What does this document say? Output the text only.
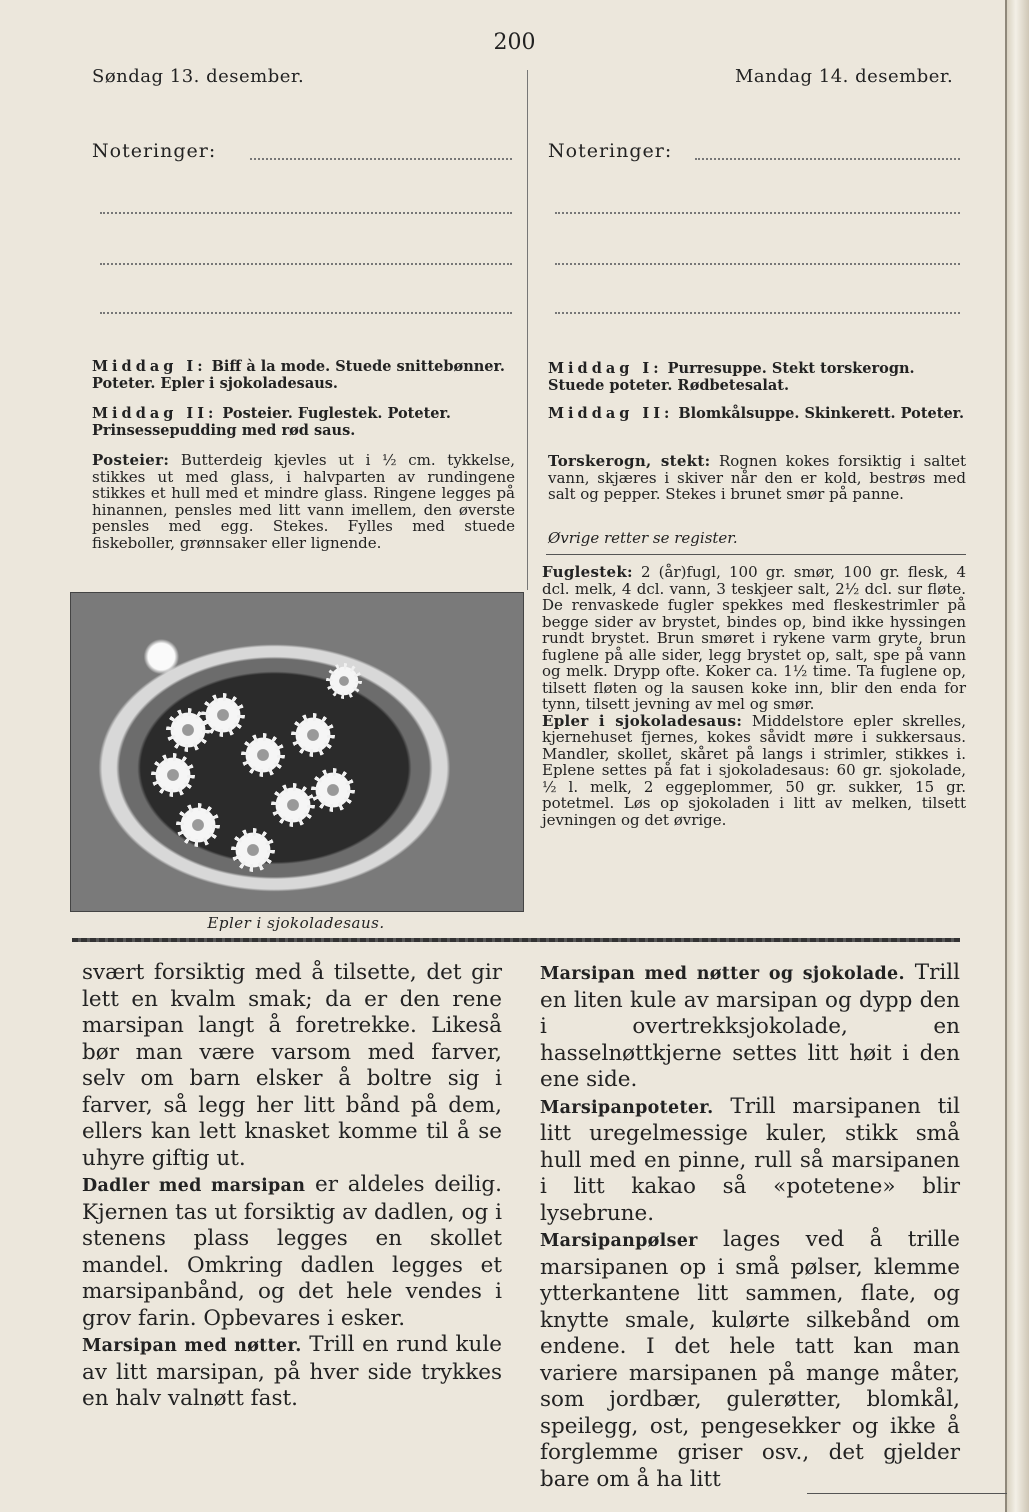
200
Søndag 13. desember.	Mandag 14. desember.
Noteringer:	Noteringer:
Middag I: Biff à la mode. Stuede snittebønner. Poteter. Epler i sjokoladesaus.
Middag II: Posteier. Fuglestek. Poteter. Prinsessepudding med rød saus.
Posteier: Butterdeig kjevles ut i ½ cm. tykkelse, stikkes ut med glass, i halvparten av rundingene stikkes et hull med et mindre glass. Ringene legges på hinannen, pensles med litt vann imellem, den øverste pensles med egg. Stekes. Fylles med stuede fiskeboller, grønnsaker eller lignende.
Epler i sjokoladesaus.
Middag I: Purresuppe. Stekt torskerogn. Stuede poteter. Rødbetesalat.
Middag II: Blomkålsuppe. Skinkerett. Poteter.
Torskerogn, stekt: Rognen kokes forsiktig i saltet vann, skjæres i skiver når den er kold, bestrøs med salt og pepper. Stekes i brunet smør på panne.
Øvrige retter se register.
Fuglestek: 2 (år)fugl, 100 gr. smør, 100 gr. flesk, 4 dcl. melk, 4 dcl. vann, 3 teskjeer salt, 2½ dcl. sur fløte. De renvaskede fugler spekkes med fleskestrimler på begge sider av brystet, bindes op, bind ikke hyssingen rundt brystet. Brun smøret i rykene varm gryte, brun fuglene på alle sider, legg brystet op, salt, spe på vann og melk. Drypp ofte. Koker ca. 1½ time. Ta fuglene op, tilsett fløten og la sausen koke inn, blir den enda for tynn, tilsett jevning av mel og smør.
Epler i sjokoladesaus: Middelstore epler skrelles, kjernehuset fjernes, kokes såvidt møre i sukkersaus. Mandler, skollet, skåret på langs i strimler, stikkes i. Eplene settes på fat i sjokoladesaus: 60 gr. sjokolade, ½ l. melk, 2 eggeplommer, 50 gr. sukker, 15 gr. potetmel. Løs op sjokoladen i litt av melken, tilsett jevningen og det øvrige.
svært forsiktig med å tilsette, det gir lett en kvalm smak; da er den rene marsipan langt å foretrekke. Likeså bør man være varsom med farver, selv om barn elsker å boltre sig i farver, så legg her litt bånd på dem, ellers kan lett knasket komme til å se uhyre giftig ut.
Dadler med marsipan er aldeles deilig. Kjernen tas ut forsiktig av dadlen, og i stenens plass legges en skollet mandel. Omkring dadlen legges et marsipanbånd, og det hele vendes i grov farin. Opbevares i esker.
Marsipan med nøtter. Trill en rund kule av litt marsipan, på hver side trykkes en halv valnøtt fast.
Marsipan med nøtter og sjokolade. Trill en liten kule av marsipan og dypp den i overtrekksjokolade, en hasselnøttkjerne settes litt høit i den ene side.
Marsipanpoteter. Trill marsipanen til litt uregelmessige kuler, stikk små hull med en pinne, rull så marsipanen i litt kakao så «potetene» blir lysebrune.
Marsipanpølser lages ved å trille marsipanen op i små pølser, klemme ytterkantene litt sammen, flate, og knytte smale, kulørte silkebånd om endene. I det hele tatt kan man variere marsipanen på mange måter, som jordbær, gulerøtter, blomkål, speilegg, ost, pengesekker og ikke å forglemme griser osv., det gjelder bare om å ha litt
